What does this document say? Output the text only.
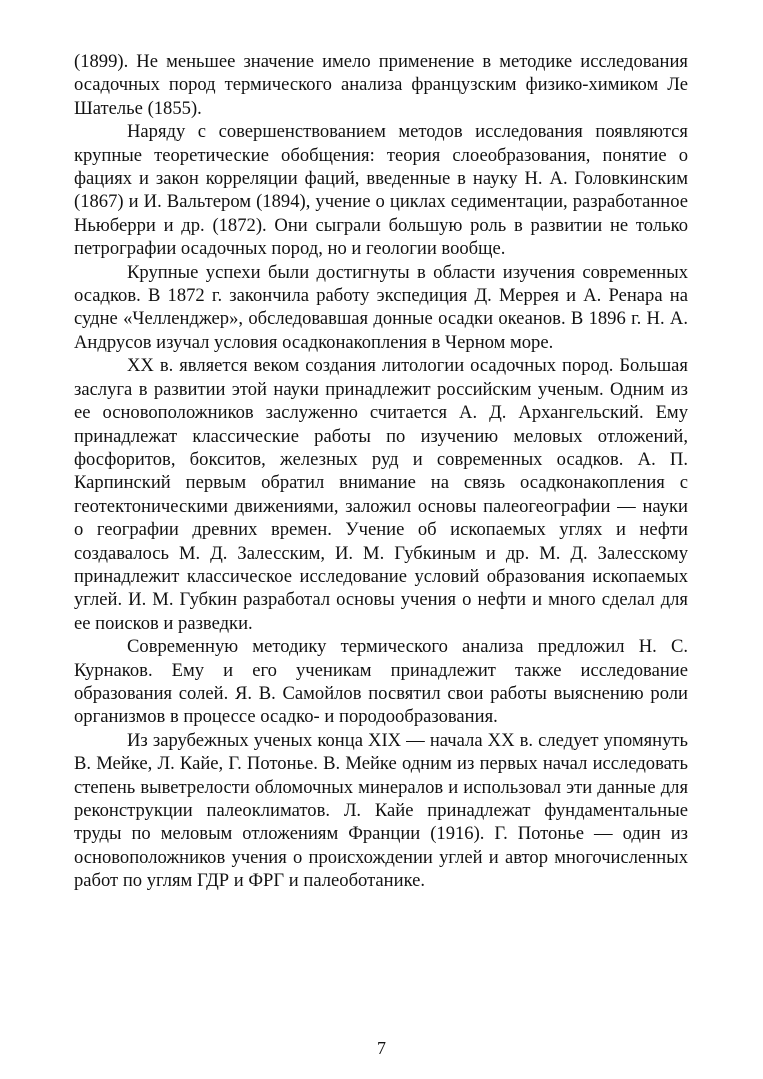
(1899). Не меньшее значение имело применение в методике исследования осадочных пород термического анализа французским физико-химиком Ле Шателье (1855).

Наряду с совершенствованием методов исследования появляются крупные теоретические обобщения: теория слоеобразования, понятие о фациях и закон корреляции фаций, введенные в науку Н. А. Головкинским (1867) и И. Вальтером (1894), учение о циклах седиментации, разработанное Ньюберри и др. (1872). Они сыграли большую роль в развитии не только петрографии осадочных пород, но и геологии вообще.

Крупные успехи были достигнуты в области изучения современных осадков. В 1872 г. закончила работу экспедиция Д. Меррея и А. Ренара на судне «Челленджер», обследовавшая донные осадки океанов. В 1896 г. Н. А. Андрусов изучал условия осадконакопления в Черном море.

XX в. является веком создания литологии осадочных пород. Большая заслуга в развитии этой науки принадлежит российским ученым. Одним из ее основоположников заслуженно считается А. Д. Архангельский. Ему принадлежат классические работы по изучению меловых отложений, фосфоритов, бокситов, железных руд и современных осадков. А. П. Карпинский первым обратил внимание на связь осадконакопления с геотектоническими движениями, заложил основы палеогеографии — науки о географии древних времен. Учение об ископаемых углях и нефти создавалось М. Д. Залесским, И. М. Губкиным и др. М. Д. Залесскому принадлежит классическое исследование условий образования ископаемых углей. И. М. Губкин разработал основы учения о нефти и много сделал для ее поисков и разведки.

Современную методику термического анализа предложил Н. С. Курнаков. Ему и его ученикам принадлежит также исследование образования солей. Я. В. Самойлов посвятил свои работы выяснению роли организмов в процессе осадко- и породообразования.

Из зарубежных ученых конца XIX — начала XX в. следует упомянуть В. Мейке, Л. Кайе, Г. Потонье. В. Мейке одним из первых начал исследовать степень выветрелости обломочных минералов и использовал эти данные для реконструкции палеоклиматов. Л. Кайе принадлежат фундаментальные труды по меловым отложениям Франции (1916). Г. Потонье — один из основоположников учения о происхождении углей и автор многочисленных работ по углям ГДР и ФРГ и палеоботанике.

7
